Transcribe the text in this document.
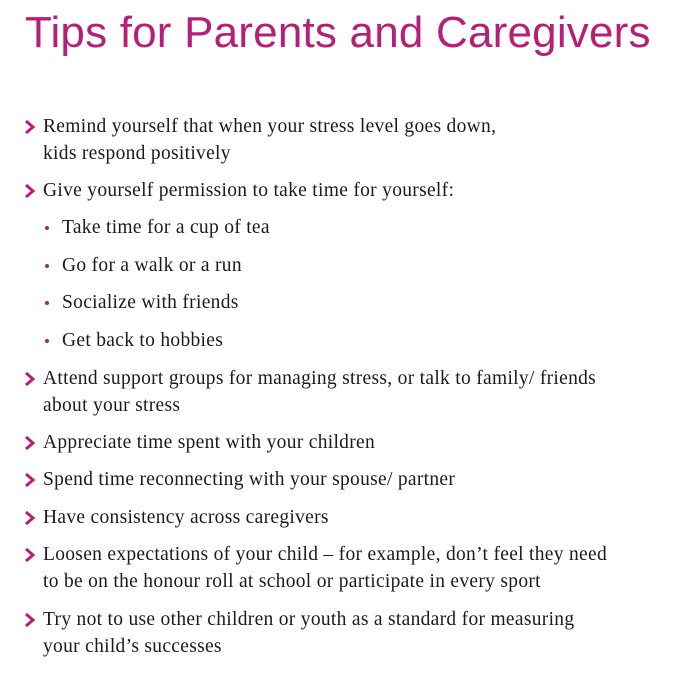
Tips for Parents and Caregivers
Remind yourself that when your stress level goes down,
kids respond positively
Give yourself permission to take time for yourself:
Take time for a cup of tea
Go for a walk or a run
Socialize with friends
Get back to hobbies
Attend support groups for managing stress, or talk to family/ friends
about your stress
Appreciate time spent with your children
Spend time reconnecting with your spouse/ partner
Have consistency across caregivers
Loosen expectations of your child – for example, don’t feel they need
to be on the honour roll at school or participate in every sport
Try not to use other children or youth as a standard for measuring
your child’s successes
